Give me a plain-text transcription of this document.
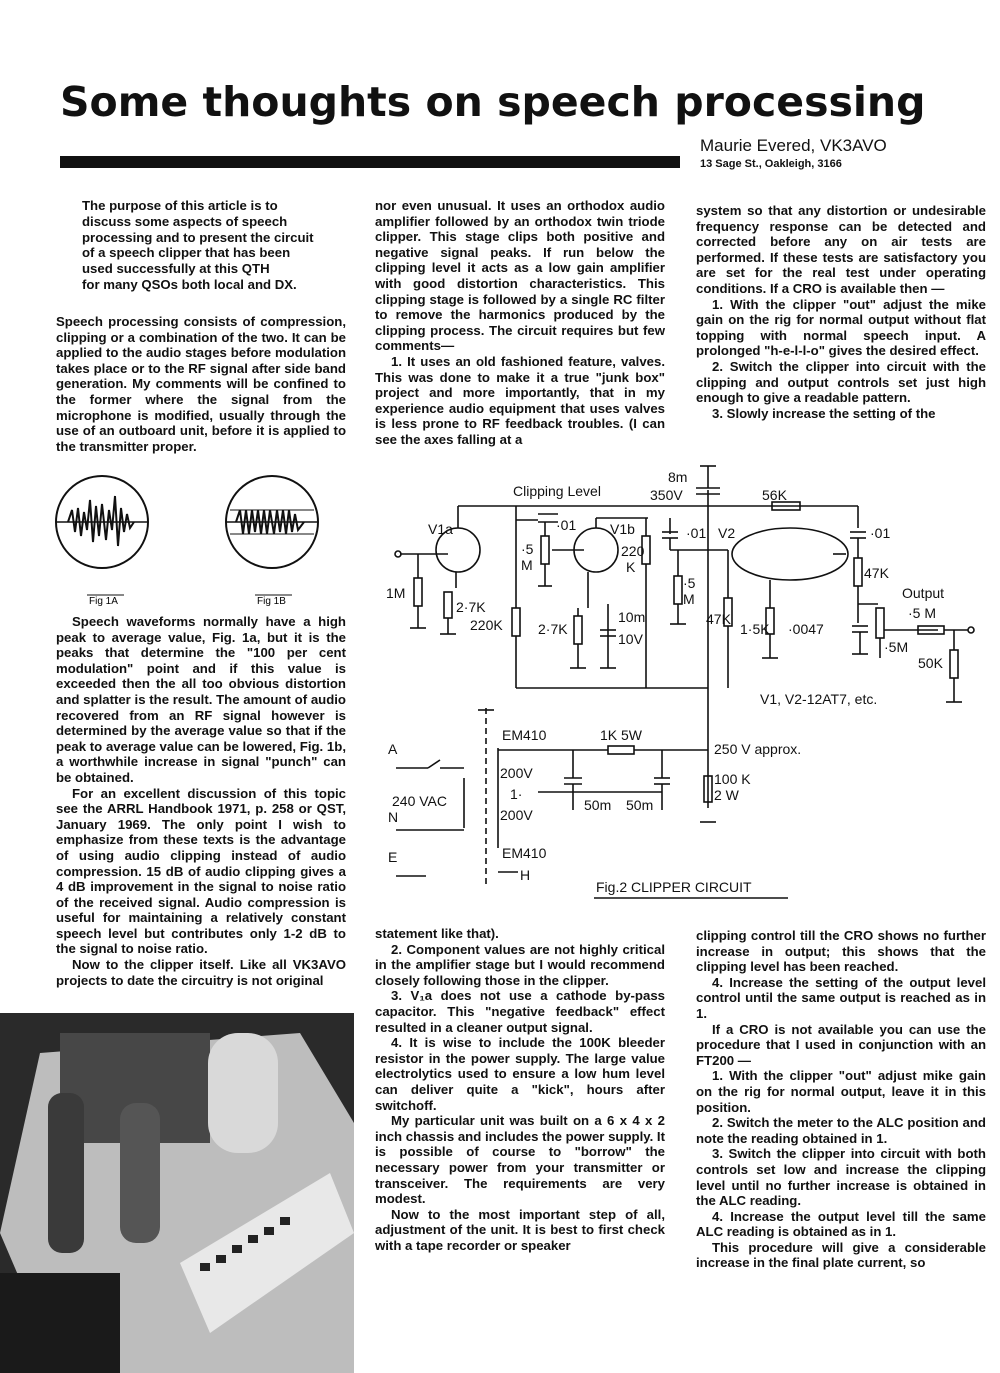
Some thoughts on speech processing
Maurie Evered, VK3AVO
13 Sage St., Oakleigh, 3166

The purpose of this article is to

discuss some aspects of speech

processing and to present the circuit

of a speech clipper that has been

used successfully at this QTH

for many QSOs both local and DX.

Speech processing consists of compression, clipping or a combination of the two. It can be applied to the audio stages before modulation takes place or to the RF signal after side band generation. My comments will be confined to the former where the signal from the microphone is modified, usually through the use of an outboard unit, before it is applied to the transmitter proper.

Fig 1A	Fig 1B

Speech waveforms normally have a high peak to average value, Fig. 1a, but it is the peaks that determine the "100 per cent modulation" point and if this value is exceeded then the all too obvious distortion and splatter is the result. The amount of audio recovered from an RF signal however is determined by the average value so that if the peak to average value can be lowered, Fig. 1b, a worthwhile increase in signal "punch" can be obtained.

For an excellent discussion of this topic see the ARRL Handbook 1971, p. 258 or QST, January 1969. The only point I wish to emphasize from these texts is the advantage of using audio clipping instead of audio compression. 15 dB of audio clipping gives a 4 dB improvement in the signal to noise ratio of the received signal. Audio compression is useful for maintaining a relatively constant speech level but contributes only 1-2 dB to the signal to noise ratio.

Now to the clipper itself. Like all VK3AVO projects to date the circuitry is not original

nor even unusual. It uses an orthodox audio amplifier followed by an orthodox twin triode clipper. This stage clips both positive and negative signal peaks. If run below the clipping level it acts as a low gain amplifier with good distortion characteristics. This clipping stage is followed by a single RC filter to remove the harmonics produced by the clipping process. The circuit requires but few comments—

1. It uses an old fashioned feature, valves. This was done to make it a true "junk box" project and more importantly, that in my experience audio equipment that uses valves is less prone to RF feedback troubles. (I can see the axes falling at a

system so that any distortion or undesirable frequency response can be detected and corrected before any on air tests are performed. If these tests are satisfactory you are set for the real test under operating conditions. If a CRO is available then —

1. With the clipper "out" adjust the mike gain on the rig for normal output without flat topping with normal speech input. A prolonged "h-e-l-l-o" gives the desired effect.

2. Switch the clipper into circuit with the clipping and output controls set just high enough to give a readable pattern.

3. Slowly increase the setting of the

Clipping Level
V1a	V1b	V2
·01	·01	·01
·5
M
220
K
1M
2·7K
220K	2·7K
10m
10V
·5
M
47K
1·5K ·0047
8m
350V	56K
47K
Output
·5 M
·5M
50K
V1, V2-12AT7, etc.
EM410
EM410
1K 5W
250 V approx.
100 K
2 W
A
N
E
240 VAC
200V
200V
1·
50m 50m
H
Fig.2 CLIPPER CIRCUIT

statement like that).

2. Component values are not highly critical in the amplifier stage but I would recommend closely following those in the clipper.

3. V₁a does not use a cathode by-pass capacitor. This "negative feedback" effect resulted in a cleaner output signal.

4. It is wise to include the 100K bleeder resistor in the power supply. The large value electrolytics used to ensure a low hum level can deliver quite a "kick", hours after switchoff.

My particular unit was built on a 6 x 4 x 2 inch chassis and includes the power supply. It is possible of course to "borrow" the necessary power from your transmitter or transceiver. The requirements are very modest.

Now to the most important step of all, adjustment of the unit. It is best to first check with a tape recorder or speaker

clipping control till the CRO shows no further increase in output; this shows that the clipping level has been reached.

4. Increase the setting of the output level control until the same output is reached as in 1.

If a CRO is not available you can use the procedure that I used in conjunction with an FT200 —

1. With the clipper "out" adjust mike gain on the rig for normal output, leave it in this position.

2. Switch the meter to the ALC position and note the reading obtained in 1.

3. Switch the clipper into circuit with both controls set low and increase the clipping level until no further increase is obtained in the ALC reading.

4. Increase the output level till the same ALC reading is obtained as in 1.

This procedure will give a considerable increase in the final plate current, so
